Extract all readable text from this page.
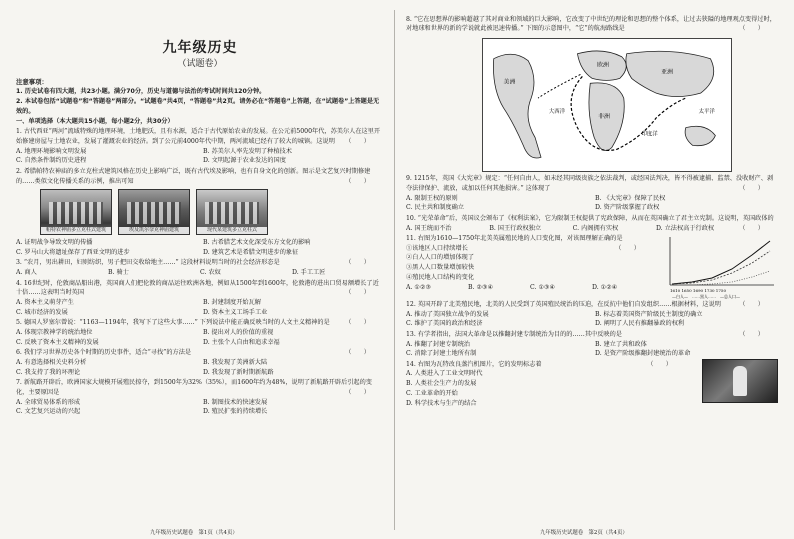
九年级历史
（试题卷）
注意事项：
1. 历史试卷有四大题，共23小题。满分70分，历史与道德与法治的考试时间共120分钟。
2. 本试卷包括“试题卷”和“答题卷”两部分。“试题卷”共4页，“答题卷”共2页。请务必在“答题卷”上答题，在“试题卷”上答题是无效的。
一、单项选择（本大题共15小题，每小题2分，共30分）
1. 古代西亚“两河”流域特殊的地理环境，土地肥沃，且有水源，适合于古代原始农业的发展。在公元前5000年代，苏美尔人在这里开始修建房屋与土地农业，发展了灌溉农业的经济。到了公元前4000年代中期，两河流域已经有了较大的城镇。这说明 （　　）
A. 地理环境影响文明发展	B. 苏美尔人率先发明了种植技术
C. 自然条件制约历史进程	D. 文明起源于农业发达的国度
2. 希腊帕特农神庙的多立克柱式建筑风格在历史上影响广泛，既有古代埃及影响，也有自身文化的创新。图示是文艺复兴时期修建的……类似文化传播关系的示例，推出可知	（　　）
帕特农神庙多立克柱式建筑	埃及凯尔奈克神庙建筑	现代某建筑多立克柱式
A. 证明战争导致文明的传播	B. 古希腊艺术文化深受东方文化的影响
C. 罗马山大将遗址保存了西亚文明的进步	D. 建筑艺术是希腊文明进步的象征
3. “农月，男出耕田，妇则纺织，男子把田交收给地主……” 这段材料说明当时的社会经济形态是	（　　）
A. 商人	B. 骑士	C. 农奴	D. 手工工匠
4. 16世纪时，伦敦商品船出港，英国商人们把伦敦的商品运往欧洲各地，例如从1500年到1600年，伦敦港的进出口贸易额增长了近十倍……这表明当时英国	（　　）
A. 资本主义萌芽产生	B. 封建制度开始瓦解
C. 城市经济的发展	D. 资本主义工场手工业
5. 德国人罗塞尔曾说：“1163—1194年，我写下了这些大事……” 下列说法中能正确反映当时的人文主义精神的是	（　　）
A. 体现宗教神学的统治地位	B. 提出对人的价值的重视
C. 反映了资本主义精神的发展	D. 主张个人自由和追求幸福
6. 我们学习世界历史各个时期的历史事件，适合“寻找”的方法是	（　　）
A. 有意选择相关史料分析	B. 我发现了美洲新大陆
C. 我支持了我的坏理论	D. 我发现了新时期新航路
7. 新航路开辟后，欧洲国家大规模开展殖民掠夺，到1500年为32%（35%），而1600年约为48%，说明了新航路开辟后引起的变化，主要原因是	（　　）
A. 全球贸易体系的形成	B. 制图技术的快速发展
C. 文艺复兴运动的兴起	D. 殖民扩张的持续增长
九年级历史试题卷　第1页（共4页）
8. “它在思想界的影响超越了其对商业和领域的巨大影响，它改变了中世纪的理论和思想的整个体系，让过去狭隘的地理观点变得过时，对地球和世界的新的学说就此被迅速传播。” 下图的示意图中，“它”的航海路线是	（　　）
欧洲
非洲
亚洲
美洲
大西洋
印度洋
太平洋
9. 1215年，英国《大宪章》规定：“任何自由人，如未经其同级贵族之依法裁判，或经国法判决，皆不得被逮捕、监禁、没收财产、剥夺法律保护、流放，或加以任何其他损害。” 这体现了	（　　）
A. 限制王权的原则	B. 《大宪章》保障了民权
C. 民主共和制度确立	D. 资产阶级掌握了政权
10. “光荣革命”后，英国议会颁布了《权利法案》，它为限制王权提供了宪政保障，从而在英国确立了君主立宪制。这说明，英国政体的
（　　）
A. 国王统而不治	B. 国王行政权独立	C. 内阁拥有实权	D. 立法权高于行政权
11. 右图为1610—1750年北美英属殖民地的人口变化图，对该图理解正确的是
（　　）
①该地区人口持续增长
②白人人口的增加体现了
③黑人人口数量增加较快
④殖民地人口结构的变化
A. ①②③	B. ②③④	C. ①③④	D. ①②④
1610 1650 1690 1730 1750
—白人—　……黑人……　—总人口—
12. 英国开辟了北美殖民地，北美的人民受到了英国殖民统治的压迫，在反抗中他们自发组织……根据材料，这说明	（　　）
A. 推动了美国独立战争的发展	B. 标志着美国资产阶级民主制度的确立
C. 维护了美国的政治和经济	D. 阐明了人民有推翻暴政的权利
13. 有学者指出，法国大革命是以推翻封建专制统治为目的的……其中反映的是	（　　）
A. 推翻了封建专制统治	B. 建立了共和政体
C. 消除了封建土地所有制	D. 是资产阶级推翻封建统治的革命
14. 右图为瓦特改良蒸汽机图片，它的发明标志着	（　　）
A. 人类进入了工业文明时代
B. 人类社会生产力的发展
C. 工业革命的开始
D. 科学技术与生产的结合
九年级历史试题卷　第2页（共4页）
